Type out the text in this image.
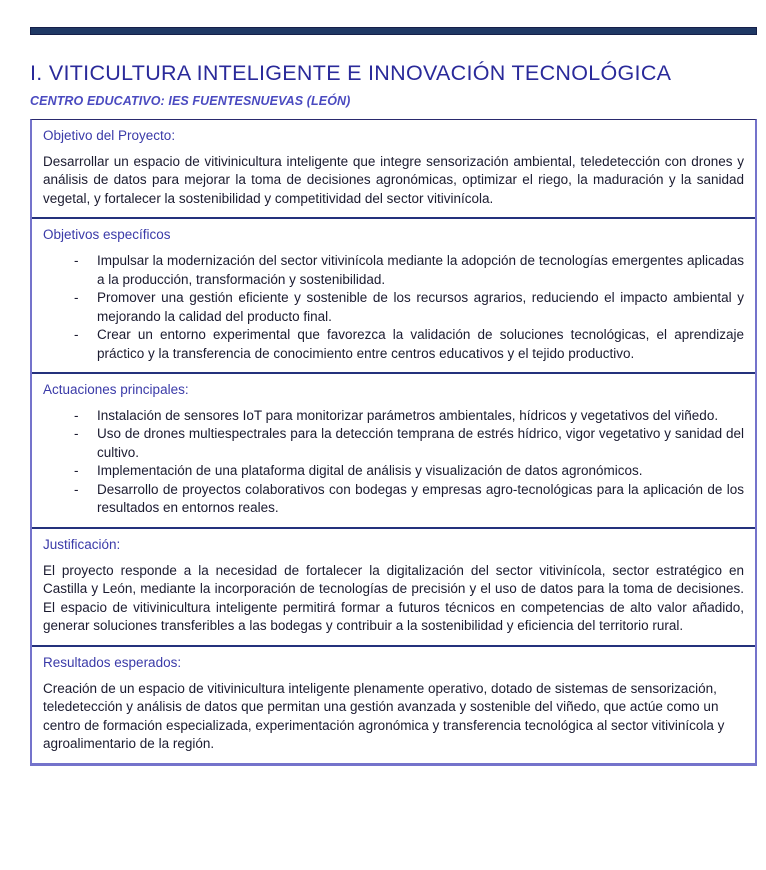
I. VITICULTURA INTELIGENTE E INNOVACIÓN TECNOLÓGICA
CENTRO EDUCATIVO: IES FUENTESNUEVAS (LEÓN)
Objetivo del Proyecto:
Desarrollar un espacio de vitivinicultura inteligente que integre sensorización ambiental, teledetección con drones y análisis de datos para mejorar la toma de decisiones agronómicas, optimizar el riego, la maduración y la sanidad vegetal, y fortalecer la sostenibilidad y competitividad del sector vitivinícola.
Objetivos específicos
-	Impulsar la modernización del sector vitivinícola mediante la adopción de tecnologías emergentes aplicadas a la producción, transformación y sostenibilidad.
-	Promover una gestión eficiente y sostenible de los recursos agrarios, reduciendo el impacto ambiental y mejorando la calidad del producto final.
-	Crear un entorno experimental que favorezca la validación de soluciones tecnológicas, el aprendizaje práctico y la transferencia de conocimiento entre centros educativos y el tejido productivo.
Actuaciones principales:
-	Instalación de sensores IoT para monitorizar parámetros ambientales, hídricos y vegetativos del viñedo.
-	Uso de drones multiespectrales para la detección temprana de estrés hídrico, vigor vegetativo y sanidad del cultivo.
-	Implementación de una plataforma digital de análisis y visualización de datos agronómicos.
-	Desarrollo de proyectos colaborativos con bodegas y empresas agro-tecnológicas para la aplicación de los resultados en entornos reales.
Justificación:
El proyecto responde a la necesidad de fortalecer la digitalización del sector vitivinícola, sector estratégico en Castilla y León, mediante la incorporación de tecnologías de precisión y el uso de datos para la toma de decisiones. El espacio de vitivinicultura inteligente permitirá formar a futuros técnicos en competencias de alto valor añadido, generar soluciones transferibles a las bodegas y contribuir a la sostenibilidad y eficiencia del territorio rural.
Resultados esperados:
Creación de un espacio de vitivinicultura inteligente plenamente operativo, dotado de sistemas de sensorización, teledetección y análisis de datos que permitan una gestión avanzada y sostenible del viñedo, que actúe como un centro de formación especializada, experimentación agronómica y transferencia tecnológica al sector vitivinícola y agroalimentario de la región.
